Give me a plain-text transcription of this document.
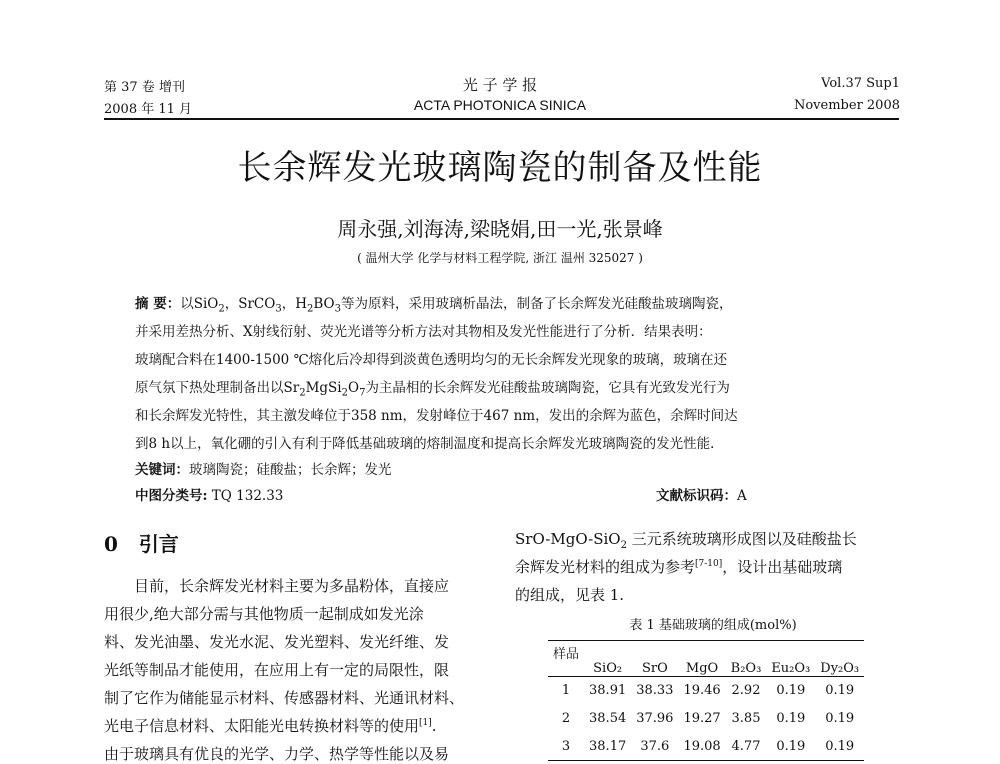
第 37 卷 增刊
2008 年 11 月
光 子 学 报
ACTA PHOTONICA SINICA
Vol.37 Sup1
November 2008
长余辉发光玻璃陶瓷的制备及性能
周永强,刘海涛,梁晓娟,田一光,张景峰
( 温州大学 化学与材料工程学院, 浙江 温州 325027 )
摘 要：以SiO$_2$，SrCO$_3$，$H_2BO_3$等为原料，采用玻璃析晶法，制备了长余辉发光硅酸盐玻璃陶瓷，
并采用差热分析、X射线衍射、荧光光谱等分析方法对其物相及发光性能进行了分析．结果表明：
玻璃配合料在1400-1500 ℃熔化后冷却得到淡黄色透明均匀的无长余辉发光现象的玻璃，玻璃在还
原气氛下热处理制备出以$Sr_2MgSi_2O_7$为主晶相的长余辉发光硅酸盐玻璃陶瓷，它具有光致发光行为
和长余辉发光特性，其主激发峰位于358 nm，发射峰位于467 nm，发出的余辉为蓝色，余辉时间达
到8 h以上，氧化硼的引入有利于降低基础玻璃的熔制温度和提高长余辉发光玻璃陶瓷的发光性能．
关键词：玻璃陶瓷；硅酸盐；长余辉；发光
中图分类号: TQ 132.33	文献标识码：A
0 引言
目前，长余辉发光材料主要为多晶粉体，直接应
用很少,绝大部分需与其他物质一起制成如发光涂
料、发光油墨、发光水泥、发光塑料、发光纤维、发
光纸等制品才能使用，在应用上有一定的局限性，限
制了它作为储能显示材料、传感器材料、光通讯材料、
光电子信息材料、太阳能光电转换材料等的使用[1].
由于玻璃具有优良的光学、力学、热学等性能以及易
SrO-MgO-SiO$_2$ 三元系统玻璃形成图以及硅酸盐长
余辉发光材料的组成为参考[7-10]，设计出基础玻璃
的组成，见表 1.
表 1 基础玻璃的组成(mol%)
样品	SiO₂	SrO	MgO	B₂O₃	Eu₂O₃	Dy₂O₃
1	38.91	38.33	19.46	2.92	0.19	0.19
2	38.54	37.96	19.27	3.85	0.19	0.19
3	38.17	37.6	19.08	4.77	0.19	0.19
